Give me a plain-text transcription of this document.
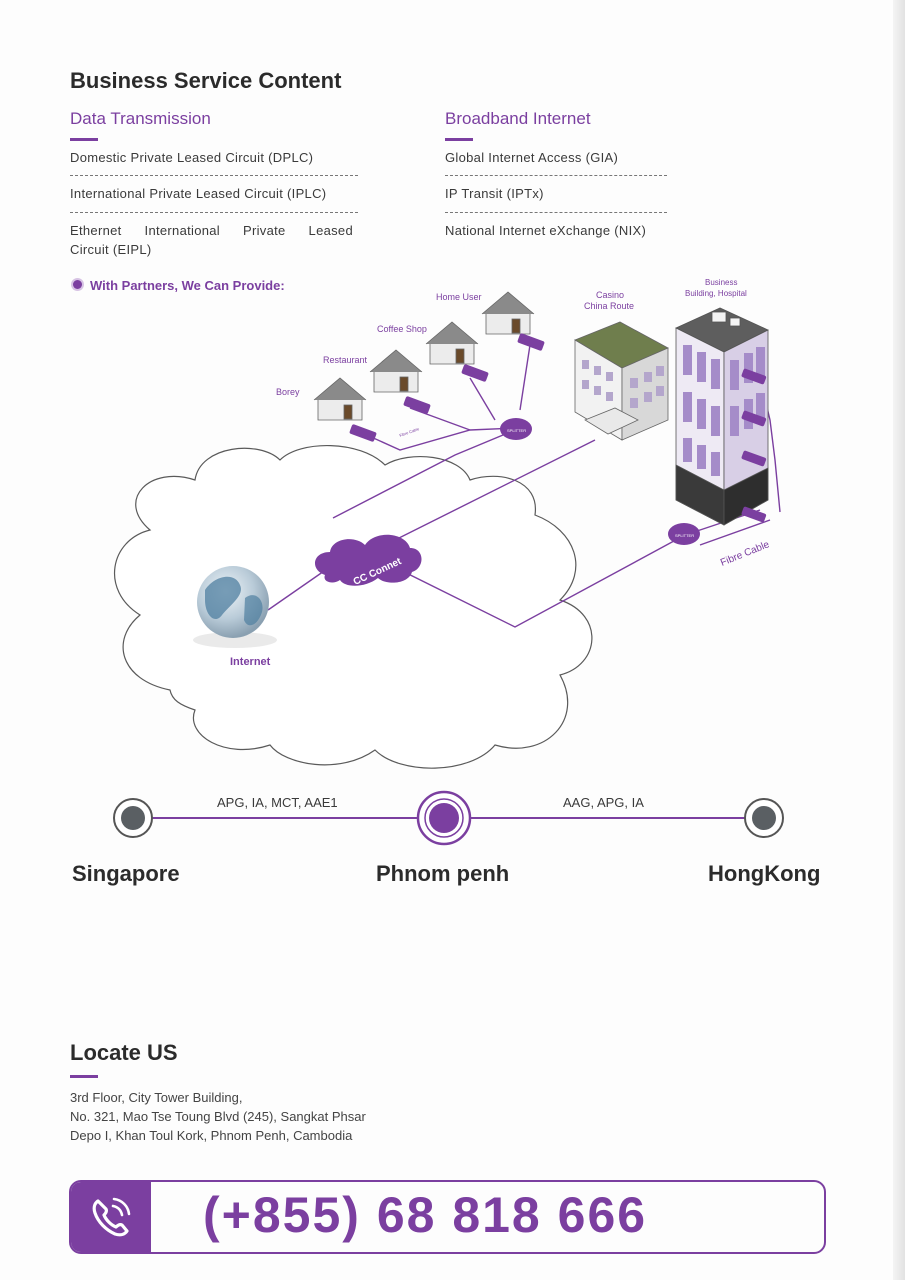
Business Service Content
Data Transmission
Domestic Private Leased Circuit (DPLC)
International Private Leased Circuit (IPLC)
Ethernet International Private Leased
Circuit (EIPL)
Broadband Internet
Global Internet Access (GIA)
IP Transit (IPTx)
National Internet eXchange (NIX)
With Partners, We Can Provide:
Internet
CC Connet
SPLITTER
SPLITTER
Borey
Restaurant
Coffee Shop
Home User	Casino
China Route
Business
Building, Hospital
Fibre Cable
Fibre Cable
APG, IA, MCT, AAE1	AAG, APG, IA
Singapore	Phnom penh	HongKong
Locate US
3rd Floor, City Tower Building,
No. 321, Mao Tse Toung Blvd (245), Sangkat Phsar
Depo I, Khan Toul Kork, Phnom Penh, Cambodia
(+855) 68 818 666
